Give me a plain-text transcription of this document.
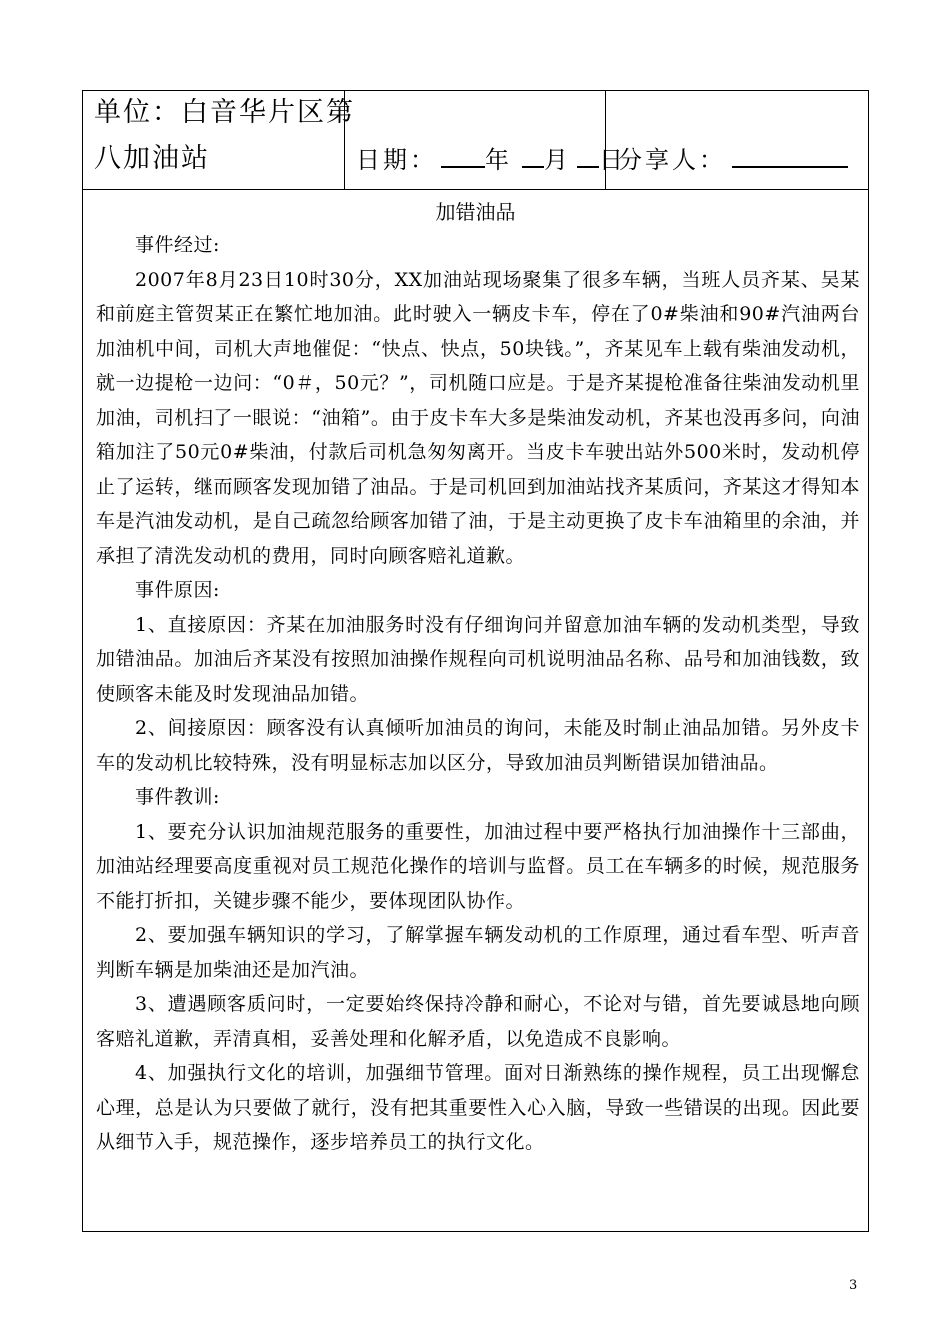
单位：白音华片区第
八加油站	日期： 年 月 日
分享人：
加错油品

事件经过:

2007年8月23日10时30分，XX加油站现场聚集了很多车辆，当班人员齐某、吴某和前庭主管贺某正在繁忙地加油。此时驶入一辆皮卡车，停在了0#柴油和90#汽油两台加油机中间，司机大声地催促：“快点、快点，50块钱。”，齐某见车上载有柴油发动机，就一边提枪一边问：“0＃，50元？”，司机随口应是。于是齐某提枪准备往柴油发动机里加油，司机扫了一眼说：“油箱”。由于皮卡车大多是柴油发动机，齐某也没再多问，向油箱加注了50元0#柴油，付款后司机急匆匆离开。当皮卡车驶出站外500米时，发动机停止了运转，继而顾客发现加错了油品。于是司机回到加油站找齐某质问，齐某这才得知本车是汽油发动机，是自己疏忽给顾客加错了油，于是主动更换了皮卡车油箱里的余油，并承担了清洗发动机的费用，同时向顾客赔礼道歉。

事件原因:

1、直接原因：齐某在加油服务时没有仔细询问并留意加油车辆的发动机类型，导致加错油品。加油后齐某没有按照加油操作规程向司机说明油品名称、品号和加油钱数，致使顾客未能及时发现油品加错。

2、间接原因：顾客没有认真倾听加油员的询问，未能及时制止油品加错。另外皮卡车的发动机比较特殊，没有明显标志加以区分，导致加油员判断错误加错油品。

事件教训:

1、要充分认识加油规范服务的重要性，加油过程中要严格执行加油操作十三部曲，加油站经理要高度重视对员工规范化操作的培训与监督。员工在车辆多的时候，规范服务不能打折扣，关键步骤不能少，要体现团队协作。

2、要加强车辆知识的学习，了解掌握车辆发动机的工作原理，通过看车型、听声音判断车辆是加柴油还是加汽油。

3、遭遇顾客质问时，一定要始终保持冷静和耐心，不论对与错，首先要诚恳地向顾客赔礼道歉，弄清真相，妥善处理和化解矛盾，以免造成不良影响。

4、加强执行文化的培训，加强细节管理。面对日渐熟练的操作规程，员工出现懈怠心理，总是认为只要做了就行，没有把其重要性入心入脑，导致一些错误的出现。因此要从细节入手，规范操作，逐步培养员工的执行文化。

3
